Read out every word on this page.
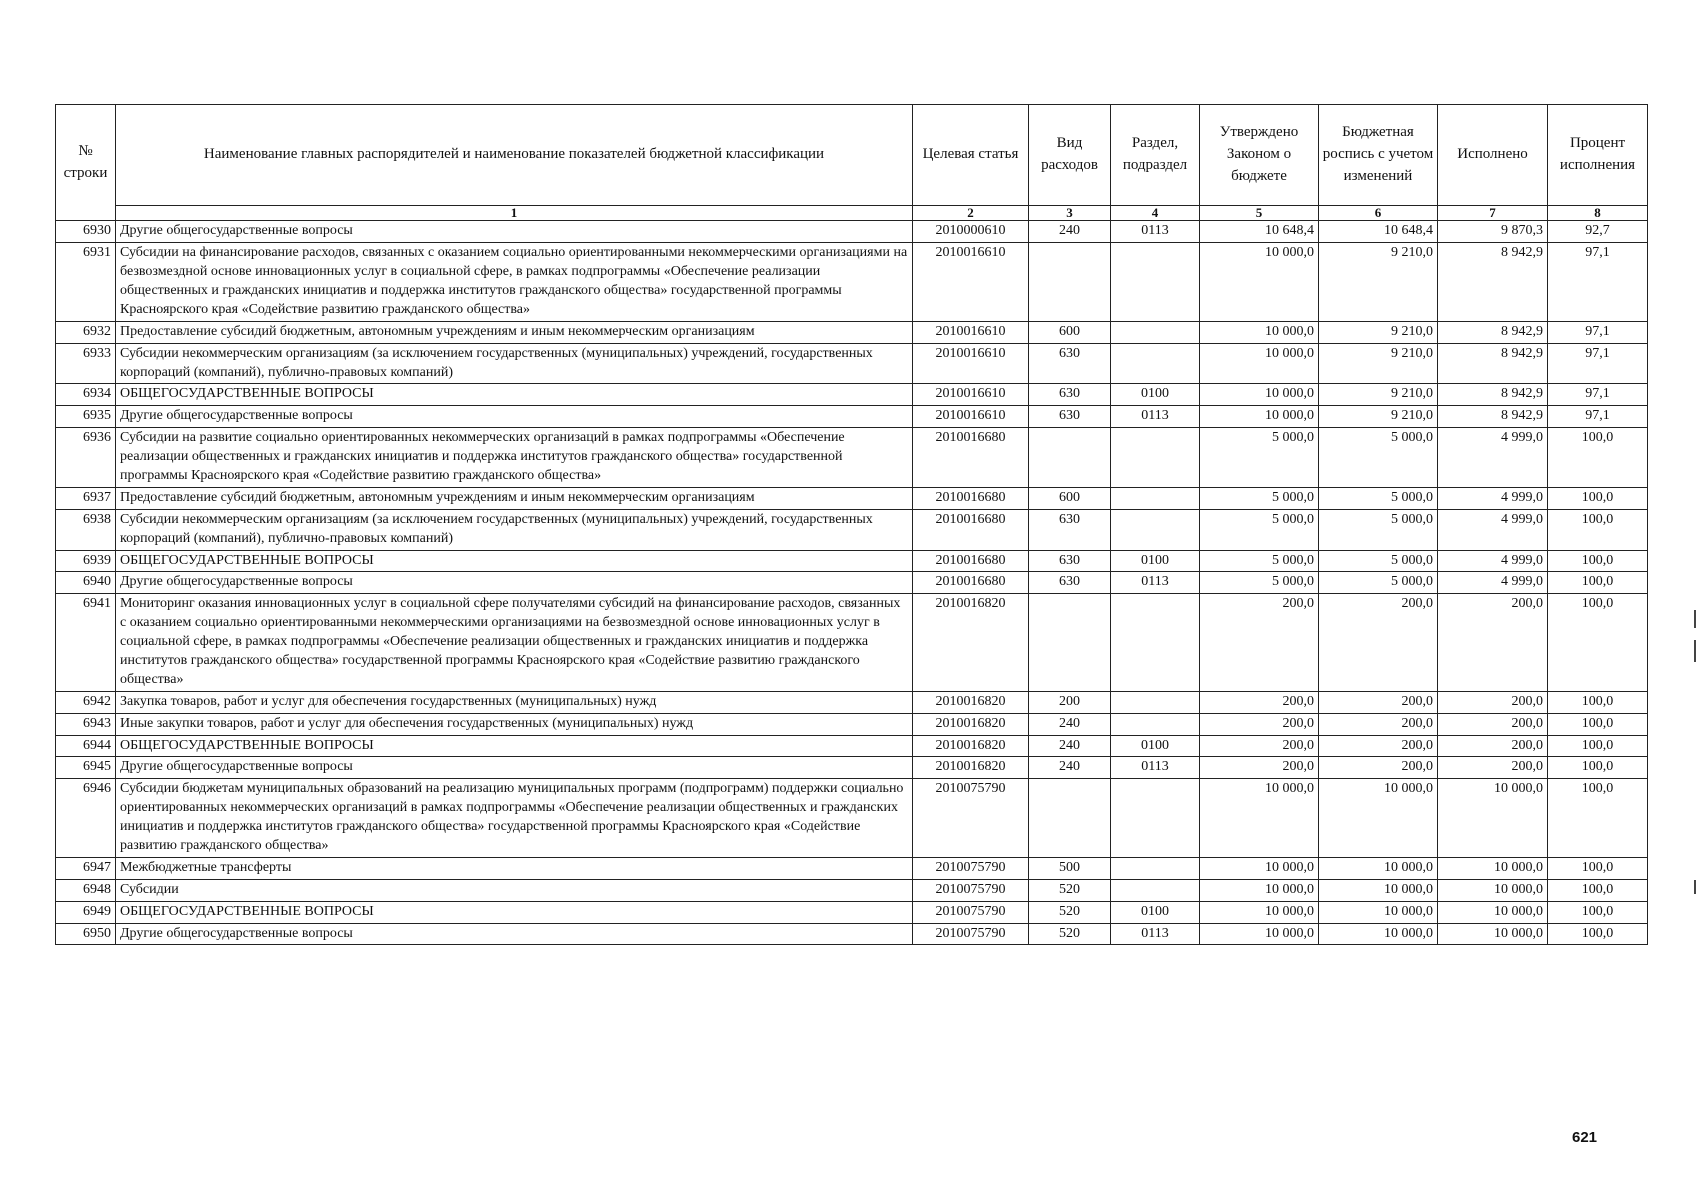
№ строки	Наименование главных распорядителей и наименование показателей бюджетной классификации	Целевая статья	Вид расходов	Раздел, подраздел	Утверждено Законом о бюджете	Бюджетная роспись с учетом изменений	Исполнено	Процент исполнения
	1	2	3	4	5	6	7	8
6930	Другие общегосударственные вопросы	2010000610	240	0113	10 648,4	10 648,4	9 870,3	92,7
6931	Субсидии на финансирование расходов, связанных с оказанием социально ориентированными некоммерческими организациями на безвозмездной основе инновационных услуг в социальной сфере, в рамках подпрограммы «Обеспечение реализации общественных и гражданских инициатив и поддержка институтов гражданского общества» государственной программы Красноярского края «Содействие развитию гражданского общества»	2010016610			10 000,0	9 210,0	8 942,9	97,1
6932	Предоставление субсидий бюджетным, автономным учреждениям и иным некоммерческим организациям	2010016610	600		10 000,0	9 210,0	8 942,9	97,1
6933	Субсидии некоммерческим организациям (за исключением государственных (муниципальных) учреждений, государственных корпораций (компаний), публично-правовых компаний)	2010016610	630		10 000,0	9 210,0	8 942,9	97,1
6934	ОБЩЕГОСУДАРСТВЕННЫЕ ВОПРОСЫ	2010016610	630	0100	10 000,0	9 210,0	8 942,9	97,1
6935	Другие общегосударственные вопросы	2010016610	630	0113	10 000,0	9 210,0	8 942,9	97,1
6936	Субсидии на развитие социально ориентированных некоммерческих организаций в рамках подпрограммы «Обеспечение реализации общественных и гражданских инициатив и поддержка институтов гражданского общества» государственной программы Красноярского края «Содействие развитию гражданского общества»	2010016680			5 000,0	5 000,0	4 999,0	100,0
6937	Предоставление субсидий бюджетным, автономным учреждениям и иным некоммерческим организациям	2010016680	600		5 000,0	5 000,0	4 999,0	100,0
6938	Субсидии некоммерческим организациям (за исключением государственных (муниципальных) учреждений, государственных корпораций (компаний), публично-правовых компаний)	2010016680	630		5 000,0	5 000,0	4 999,0	100,0
6939	ОБЩЕГОСУДАРСТВЕННЫЕ ВОПРОСЫ	2010016680	630	0100	5 000,0	5 000,0	4 999,0	100,0
6940	Другие общегосударственные вопросы	2010016680	630	0113	5 000,0	5 000,0	4 999,0	100,0
6941	Мониторинг оказания инновационных услуг в социальной сфере получателями субсидий на финансирование расходов, связанных с оказанием социально ориентированными некоммерческими организациями на безвозмездной основе инновационных услуг в социальной сфере, в рамках подпрограммы «Обеспечение реализации общественных и гражданских инициатив и поддержка институтов гражданского общества» государственной программы Красноярского края «Содействие развитию гражданского общества»	2010016820			200,0	200,0	200,0	100,0
6942	Закупка товаров, работ и услуг для обеспечения государственных (муниципальных) нужд	2010016820	200		200,0	200,0	200,0	100,0
6943	Иные закупки товаров, работ и услуг для обеспечения государственных (муниципальных) нужд	2010016820	240		200,0	200,0	200,0	100,0
6944	ОБЩЕГОСУДАРСТВЕННЫЕ ВОПРОСЫ	2010016820	240	0100	200,0	200,0	200,0	100,0
6945	Другие общегосударственные вопросы	2010016820	240	0113	200,0	200,0	200,0	100,0
6946	Субсидии бюджетам муниципальных образований на реализацию муниципальных программ (подпрограмм) поддержки социально ориентированных некоммерческих организаций в рамках подпрограммы «Обеспечение реализации общественных и гражданских инициатив и поддержка институтов гражданского общества» государственной программы Красноярского края «Содействие развитию гражданского общества»	2010075790			10 000,0	10 000,0	10 000,0	100,0
6947	Межбюджетные трансферты	2010075790	500		10 000,0	10 000,0	10 000,0	100,0
6948	Субсидии	2010075790	520		10 000,0	10 000,0	10 000,0	100,0
6949	ОБЩЕГОСУДАРСТВЕННЫЕ ВОПРОСЫ	2010075790	520	0100	10 000,0	10 000,0	10 000,0	100,0
6950	Другие общегосударственные вопросы	2010075790	520	0113	10 000,0	10 000,0	10 000,0	100,0
621
